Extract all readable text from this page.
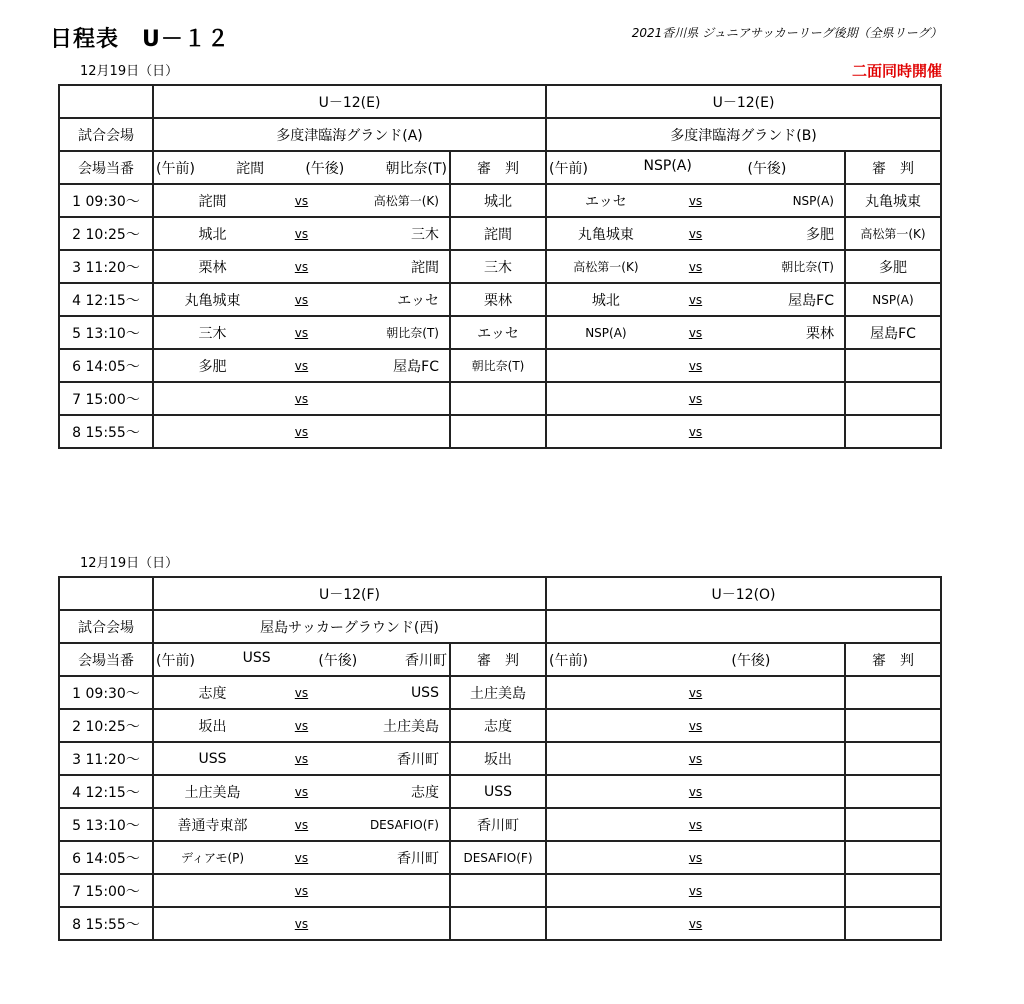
日程表　U－１２	2021香川県 ジュニアサッカーリーグ後期（全県リーグ）
二面同時開催
12月19日（日）
	U－12(E)		U－12(E)	
試合会場	多度津臨海グランド(A)		多度津臨海グランド(B)	
会場当番	(午前) 詫間 (午後) 朝比奈(T)	審　判	(午前) NSP(A) (午後)	審　判
1 09:30～	詫間 vs 高松第一(K)	城北	エッセ vs NSP(A)	丸亀城東
2 10:25～	城北 vs 三木	詫間	丸亀城東 vs 多肥	高松第一(K)
3 11:20～	栗林 vs 詫間	三木	高松第一(K) vs 朝比奈(T)	多肥
4 12:15～	丸亀城東 vs エッセ	栗林	城北 vs 屋島FC	NSP(A)
5 13:10～	三木 vs 朝比奈(T)	エッセ	NSP(A) vs 栗林	屋島FC
6 14:05～	多肥 vs 屋島FC	朝比奈(T)	vs	

7 15:00～	vs		vs	

8 15:55～	vs		vs	

12月19日（日）
	U－12(F)		U－12(O)	
試合会場	屋島サッカーグラウンド(西)			
会場当番	(午前) USS (午後) 香川町	審　判	(午前) (午後)	審　判
1 09:30～	志度 vs USS	土庄美島	vs	

2 10:25～	坂出 vs 土庄美島	志度	vs	

3 11:20～	USS vs 香川町	坂出	vs	

4 12:15～	土庄美島 vs 志度	USS	vs	

5 13:10～	善通寺東部 vs DESAFIO(F)	香川町	vs	

6 14:05～	ディアモ(P) vs 香川町	DESAFIO(F)	vs	

7 15:00～	vs		vs	

8 15:55～	vs		vs	
